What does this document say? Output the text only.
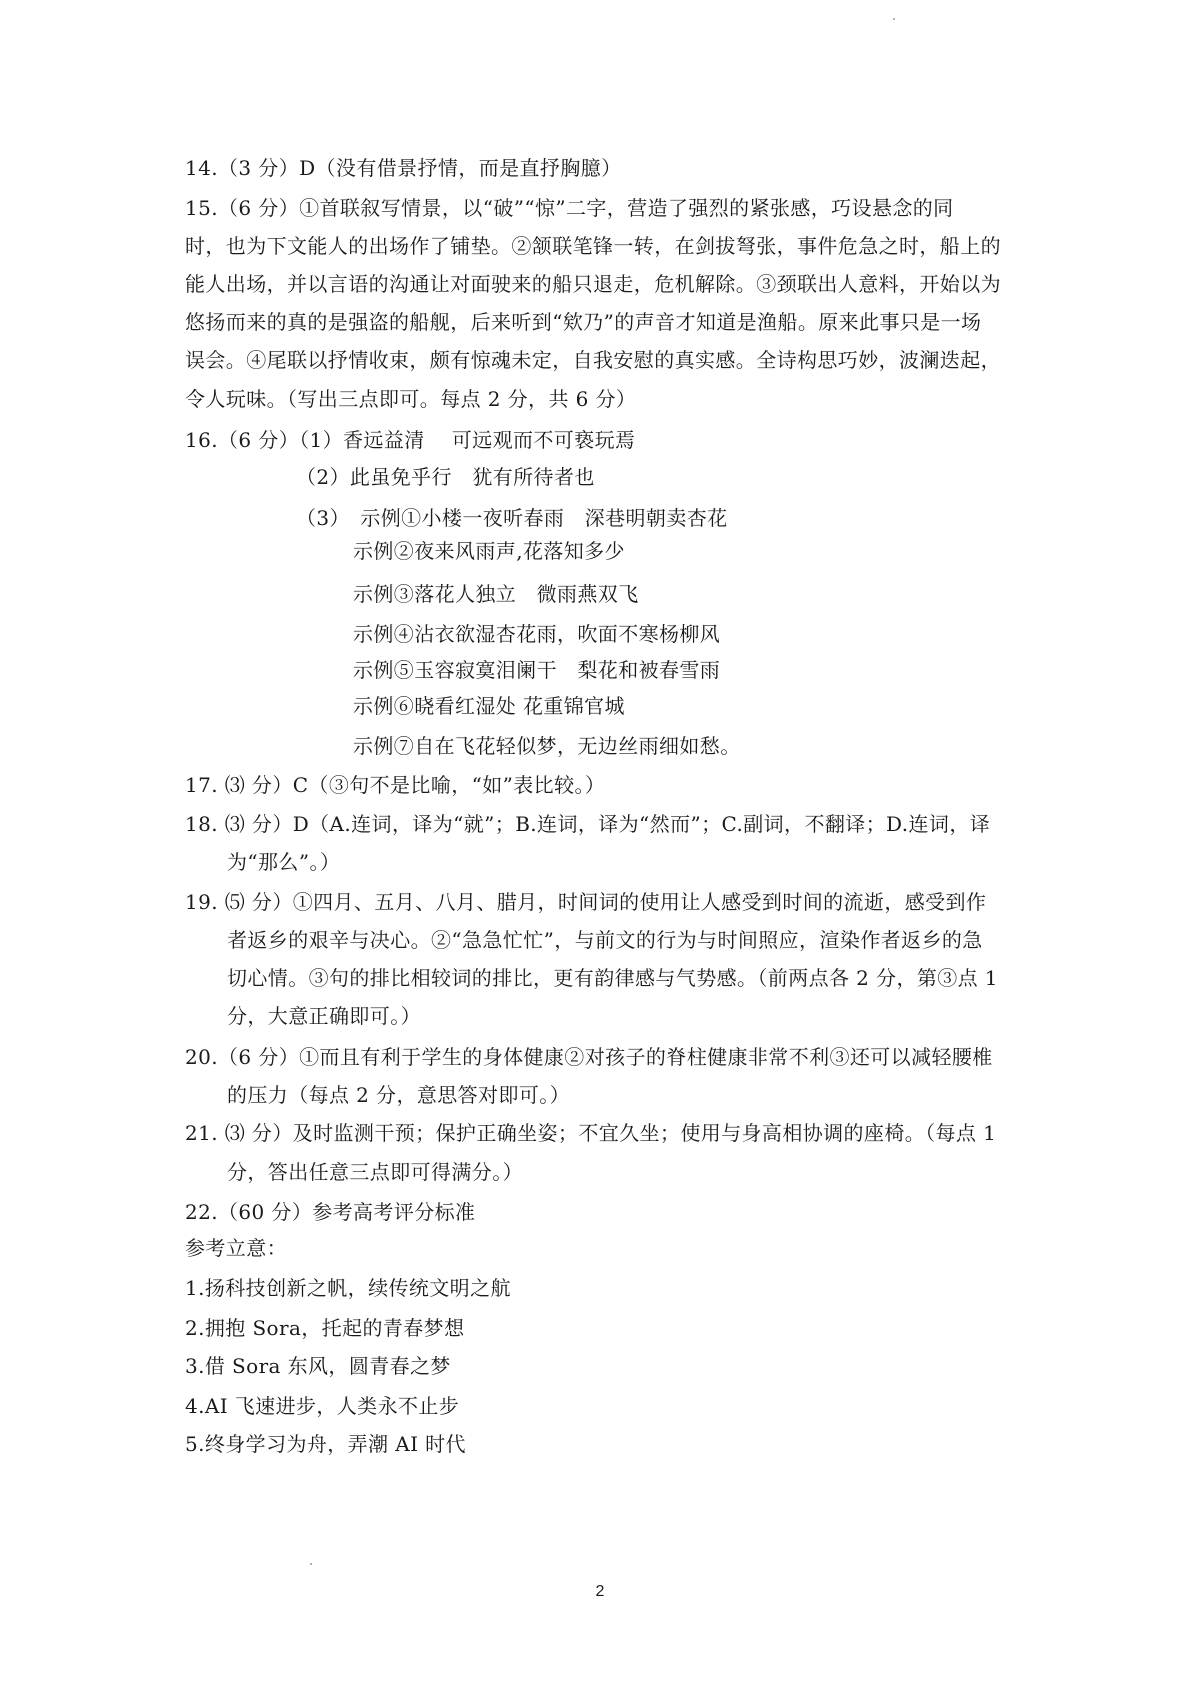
14.（3 分）D（没有借景抒情，而是直抒胸臆）
15.（6 分）①首联叙写情景，以“破”“惊”二字，营造了强烈的紧张感，巧设悬念的同
时，也为下文能人的出场作了铺垫。②颔联笔锋一转，在剑拔弩张，事件危急之时，船上的
能人出场，并以言语的沟通让对面驶来的船只退走，危机解除。③颈联出人意料，开始以为
悠扬而来的真的是强盗的船舰，后来听到“欸乃”的声音才知道是渔船。原来此事只是一场
误会。④尾联以抒情收束，颇有惊魂未定，自我安慰的真实感。全诗构思巧妙，波澜迭起，
令人玩味。（写出三点即可。每点 2 分，共 6 分）
16.（6 分）（1）香远益清　 可远观而不可亵玩焉
（2）此虽免乎行　犹有所待者也
（3）　示例①小楼一夜听春雨　深巷明朝卖杏花
示例②夜来风雨声,花落知多少
示例③落花人独立　微雨燕双飞
示例④沾衣欲湿杏花雨，吹面不寒杨柳风
示例⑤玉容寂寞泪阑干　梨花和被春雪雨
示例⑥晓看红湿处 花重锦官城
示例⑦自在飞花轻似梦，无边丝雨细如愁。
17. ⑶ 分）C（③句不是比喻，“如”表比较。）
18. ⑶ 分）D（A.连词，译为“就”；B.连词，译为“然而”；C.副词，不翻译；D.连词，译
为“那么”。）
19. ⑸ 分）①四月、五月、八月、腊月，时间词的使用让人感受到时间的流逝，感受到作
者返乡的艰辛与决心。②“急急忙忙”，与前文的行为与时间照应，渲染作者返乡的急
切心情。③句的排比相较词的排比，更有韵律感与气势感。（前两点各 2 分，第③点 1
分，大意正确即可。）
20.（6 分）①而且有利于学生的身体健康②对孩子的脊柱健康非常不利③还可以减轻腰椎
的压力（每点 2 分，意思答对即可。）
21. ⑶ 分）及时监测干预；保护正确坐姿；不宜久坐；使用与身高相协调的座椅。（每点 1
分，答出任意三点即可得满分。）
22.（60 分）参考高考评分标准
参考立意：
1.扬科技创新之帆，续传统文明之航
2.拥抱 Sora，托起的青春梦想
3.借 Sora 东风，圆青春之梦
4.AI 飞速进步，人类永不止步
5.终身学习为舟，弄潮 AI 时代
2
